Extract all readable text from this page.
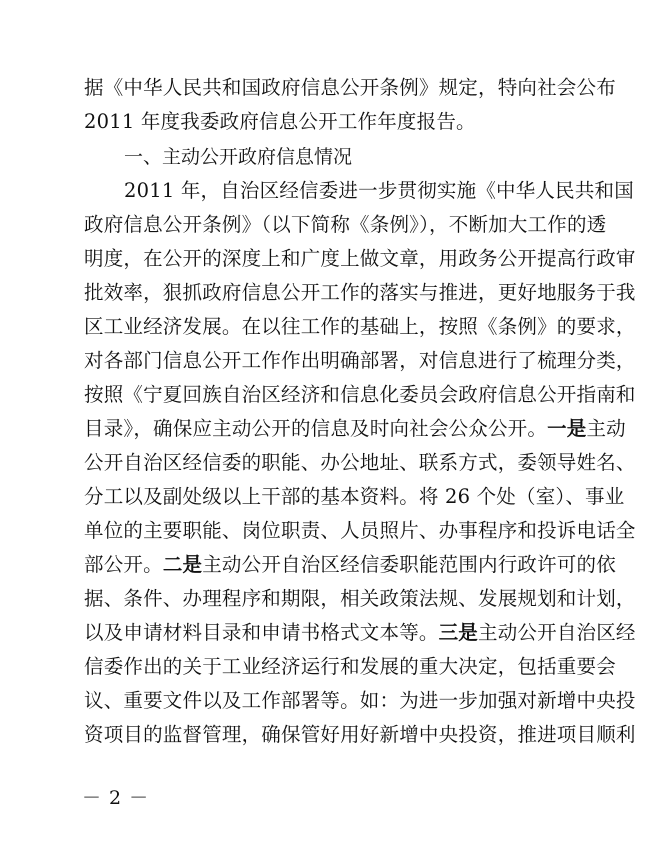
据《中华人民共和国政府信息公开条例》规定，特向社会公布
2011 年度我委政府信息公开工作年度报告。
一、主动公开政府信息情况
2011 年，自治区经信委进一步贯彻实施《中华人民共和国
政府信息公开条例》（以下简称《条例》），不断加大工作的透
明度，在公开的深度上和广度上做文章，用政务公开提高行政审
批效率，狠抓政府信息公开工作的落实与推进，更好地服务于我
区工业经济发展。在以往工作的基础上，按照《条例》的要求，
对各部门信息公开工作作出明确部署，对信息进行了梳理分类，
按照《宁夏回族自治区经济和信息化委员会政府信息公开指南和
目录》，确保应主动公开的信息及时向社会公众公开。一是主动
公开自治区经信委的职能、办公地址、联系方式，委领导姓名、
分工以及副处级以上干部的基本资料。将 26 个处（室）、事业
单位的主要职能、岗位职责、人员照片、办事程序和投诉电话全
部公开。二是主动公开自治区经信委职能范围内行政许可的依
据、条件、办理程序和期限，相关政策法规、发展规划和计划，
以及申请材料目录和申请书格式文本等。三是主动公开自治区经
信委作出的关于工业经济运行和发展的重大决定，包括重要会
议、重要文件以及工作部署等。如：为进一步加强对新增中央投
资项目的监督管理，确保管好用好新增中央投资，推进项目顺利
－ 2 －
